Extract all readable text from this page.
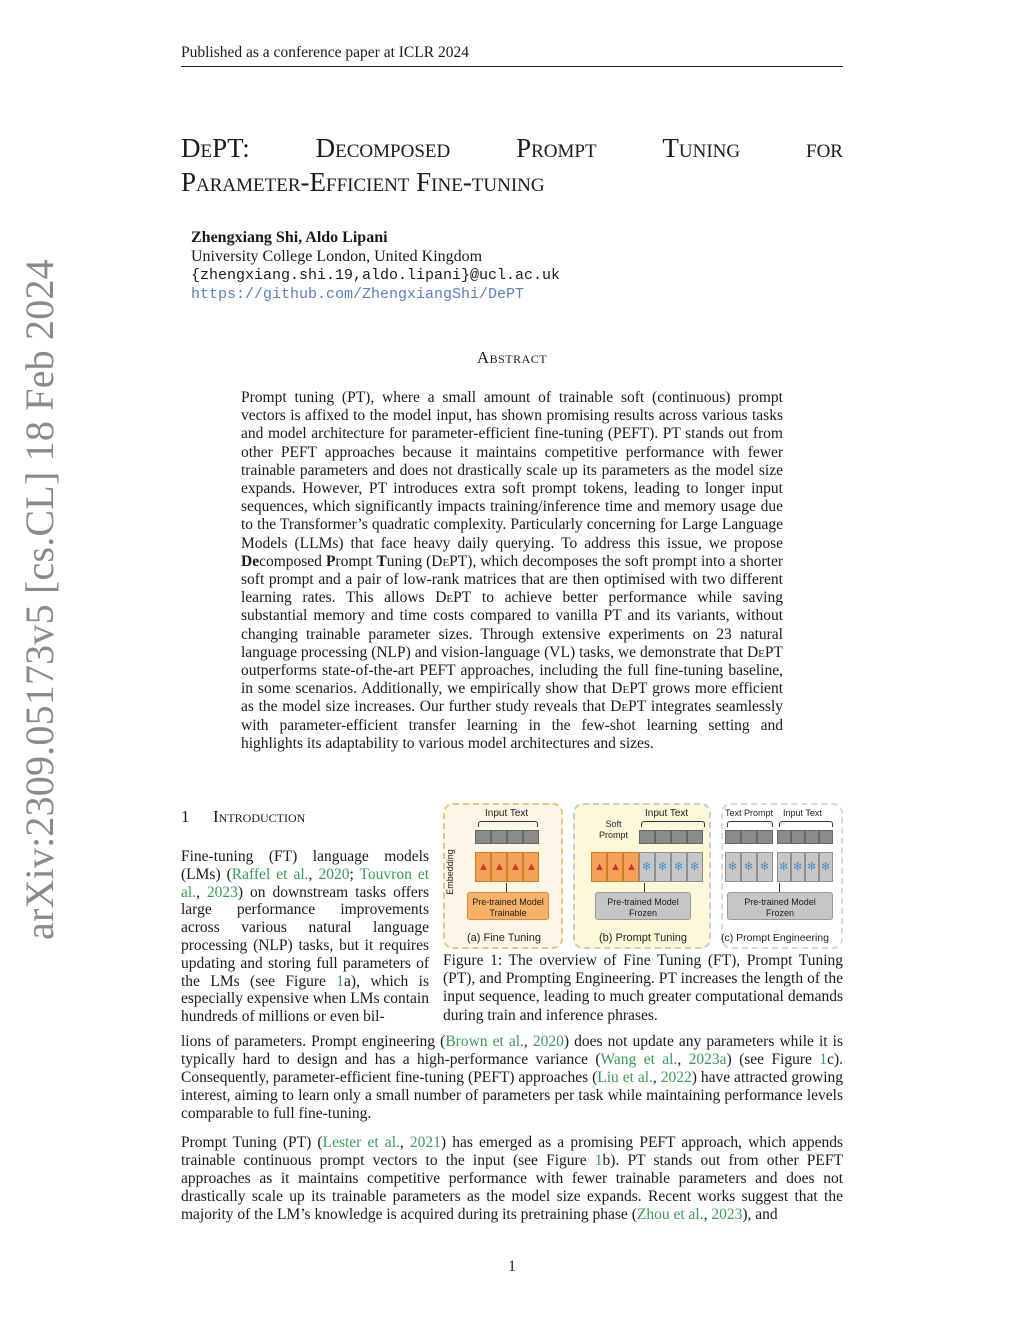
Published as a conference paper at ICLR 2024
arXiv:2309.05173v5 [cs.CL] 18 Feb 2024
DePT: Decomposed Prompt Tuning for
Parameter-Efficient Fine-tuning
Zhengxiang Shi, Aldo Lipani
University College London, United Kingdom
{zhengxiang.shi.19,aldo.lipani}@ucl.ac.uk
https://github.com/ZhengxiangShi/DePT
Abstract
Prompt tuning (PT), where a small amount of trainable soft (continuous) prompt vectors is affixed to the model input, has shown promising results across various tasks and model architecture for parameter-efficient fine-tuning (PEFT). PT stands out from other PEFT approaches because it maintains competitive performance with fewer trainable parameters and does not drastically scale up its parameters as the model size expands. However, PT introduces extra soft prompt tokens, leading to longer input sequences, which significantly impacts training/inference time and memory usage due to the Transformer’s quadratic complexity. Particularly concerning for Large Language Models (LLMs) that face heavy daily querying. To address this issue, we propose Decomposed Prompt Tuning (DePT), which decomposes the soft prompt into a shorter soft prompt and a pair of low-rank matrices that are then optimised with two different learning rates. This allows DePT to achieve better performance while saving substantial memory and time costs compared to vanilla PT and its variants, without changing trainable parameter sizes. Through extensive experiments on 23 natural language processing (NLP) and vision-language (VL) tasks, we demonstrate that DePT outperforms state-of-the-art PEFT approaches, including the full fine-tuning baseline, in some scenarios. Additionally, we empirically show that DePT grows more efficient as the model size increases. Our further study reveals that DePT integrates seamlessly with parameter-efficient transfer learning in the few-shot learning setting and highlights its adaptability to various model architectures and sizes.
1 Introduction
Fine-tuning (FT) language models (LMs) (Raffel et al., 2020; Touvron et al., 2023) on downstream tasks offers large performance improvements across various natural language processing (NLP) tasks, but it requires updating and storing full parameters of the LMs (see Figure 1a), which is especially expensive when LMs contain hundreds of millions or even bil-
lions of parameters. Prompt engineering (Brown et al., 2020) does not update any parameters while it is typically hard to design and has a high-performance variance (Wang et al., 2023a) (see Figure 1c). Consequently, parameter-efficient fine-tuning (PEFT) approaches (Liu et al., 2022) have attracted growing interest, aiming to learn only a small number of parameters per task while maintaining performance levels comparable to full fine-tuning.
Prompt Tuning (PT) (Lester et al., 2021) has emerged as a promising PEFT approach, which appends trainable continuous prompt vectors to the input (see Figure 1b). PT stands out from other PEFT approaches as it maintains competitive performance with fewer trainable parameters and does not drastically scale up its trainable parameters as the model size expands. Recent works suggest that the majority of the LM’s knowledge is acquired during its pretraining phase (Zhou et al., 2023), and
Input Text
Embedding ▲ ▲ ▲ ▲
Pre-trained Model
Trainable
(a) Fine Tuning
Soft
Prompt
Input Text
▲ ▲ ▲ ✻ ✻ ✻ ✻
Pre-trained Model
Frozen
(b) Prompt Tuning
Text Prompt Input Text
✻ ✻ ✻ ✻ ✻ ✻ ✻
Pre-trained Model
Frozen
(c) Prompt Engineering
Figure 1: The overview of Fine Tuning (FT), Prompt Tuning (PT), and Prompting Engineering. PT increases the length of the input sequence, leading to much greater computational demands during train and inference phrases.
1
